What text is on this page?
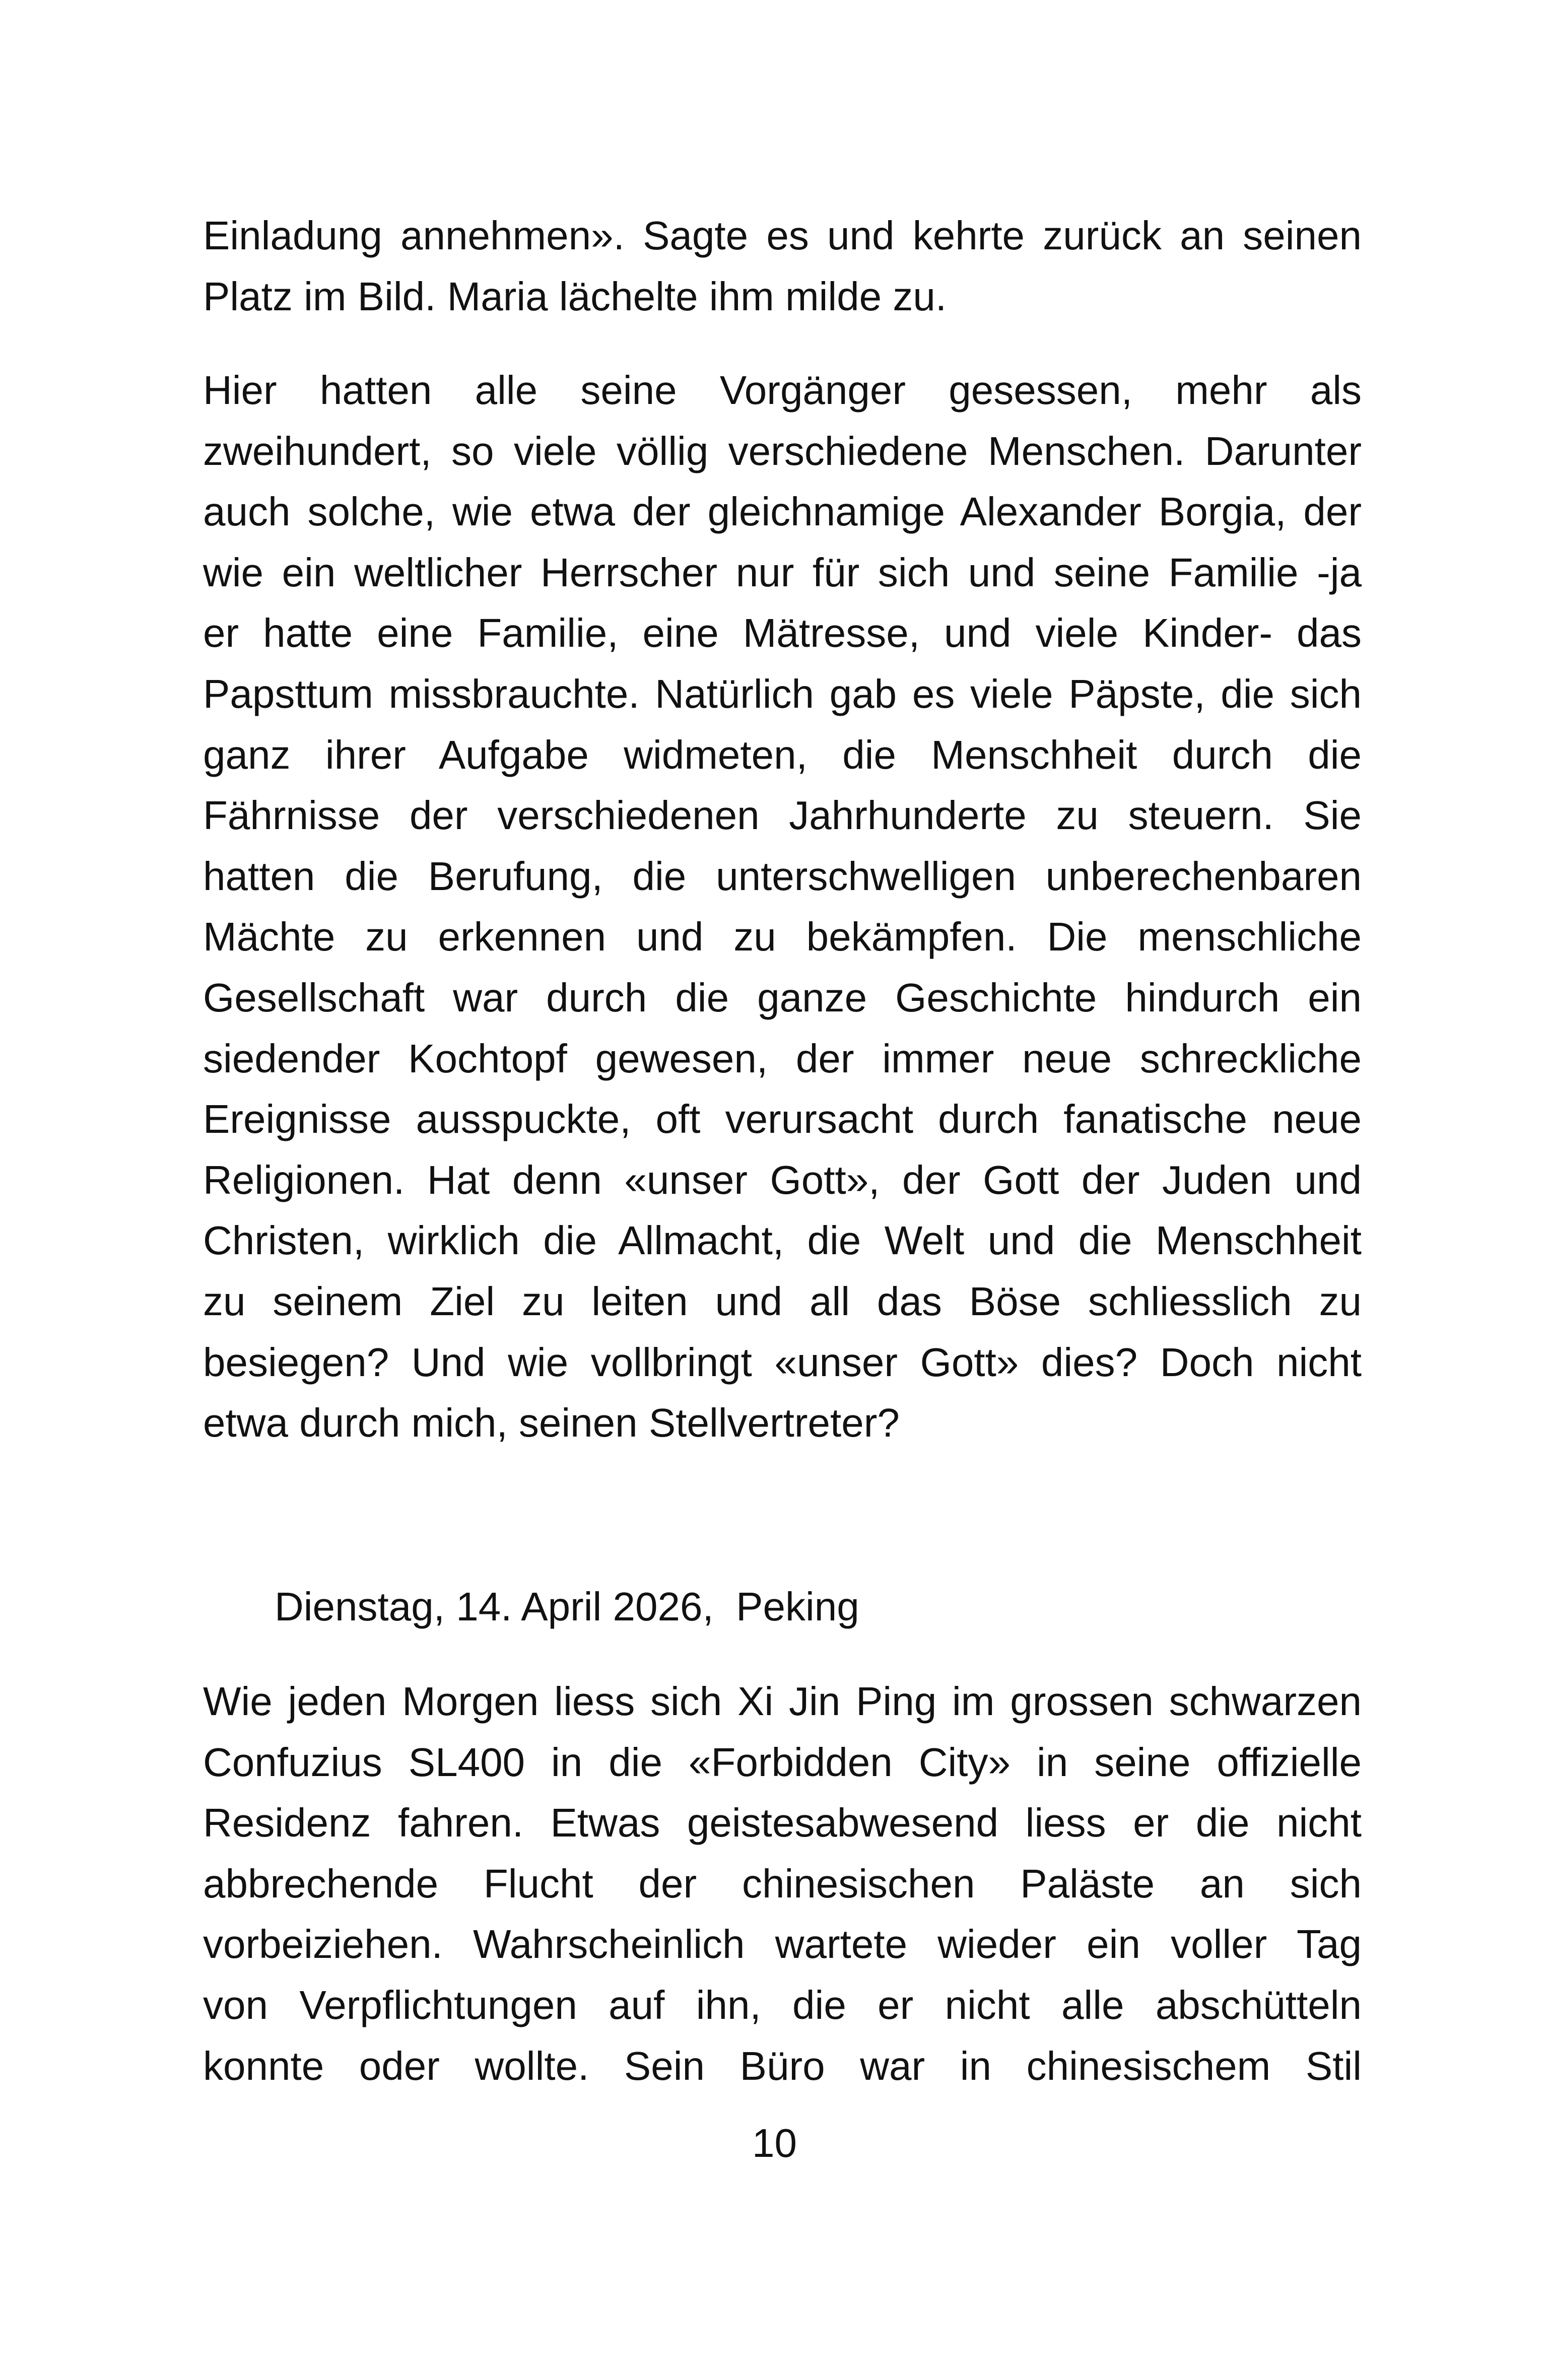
Einladung annehmen». Sagte es und kehrte zurück an seinen
Platz im Bild. Maria lächelte ihm milde zu.
Hier hatten alle seine Vorgänger gesessen, mehr als
zweihundert, so viele völlig verschiedene Menschen. Darunter
auch solche, wie etwa der gleichnamige Alexander Borgia, der
wie ein weltlicher Herrscher nur für sich und seine Familie -ja
er hatte eine Familie, eine Mätresse, und viele Kinder- das
Papsttum missbrauchte. Natürlich gab es viele Päpste, die sich
ganz ihrer Aufgabe widmeten, die Menschheit durch die
Fährnisse der verschiedenen Jahrhunderte zu steuern. Sie
hatten die Berufung, die unterschwelligen unberechenbaren
Mächte zu erkennen und zu bekämpfen. Die menschliche
Gesellschaft war durch die ganze Geschichte hindurch ein
siedender Kochtopf gewesen, der immer neue schreckliche
Ereignisse ausspuckte, oft verursacht durch fanatische neue
Religionen. Hat denn «unser Gott», der Gott der Juden und
Christen, wirklich die Allmacht, die Welt und die Menschheit
zu seinem Ziel zu leiten und all das Böse schliesslich zu
besiegen? Und wie vollbringt «unser Gott» dies? Doch nicht
etwa durch mich, seinen Stellvertreter?
Dienstag, 14. April 2026,  Peking
Wie jeden Morgen liess sich Xi Jin Ping im grossen schwarzen
Confuzius SL400 in die «Forbidden City» in seine offizielle
Residenz fahren. Etwas geistesabwesend liess er die nicht
abbrechende Flucht der chinesischen Paläste an sich
vorbeiziehen. Wahrscheinlich wartete wieder ein voller Tag
von Verpflichtungen auf ihn, die er nicht alle abschütteln
konnte oder wollte. Sein Büro war in chinesischem Stil
10
